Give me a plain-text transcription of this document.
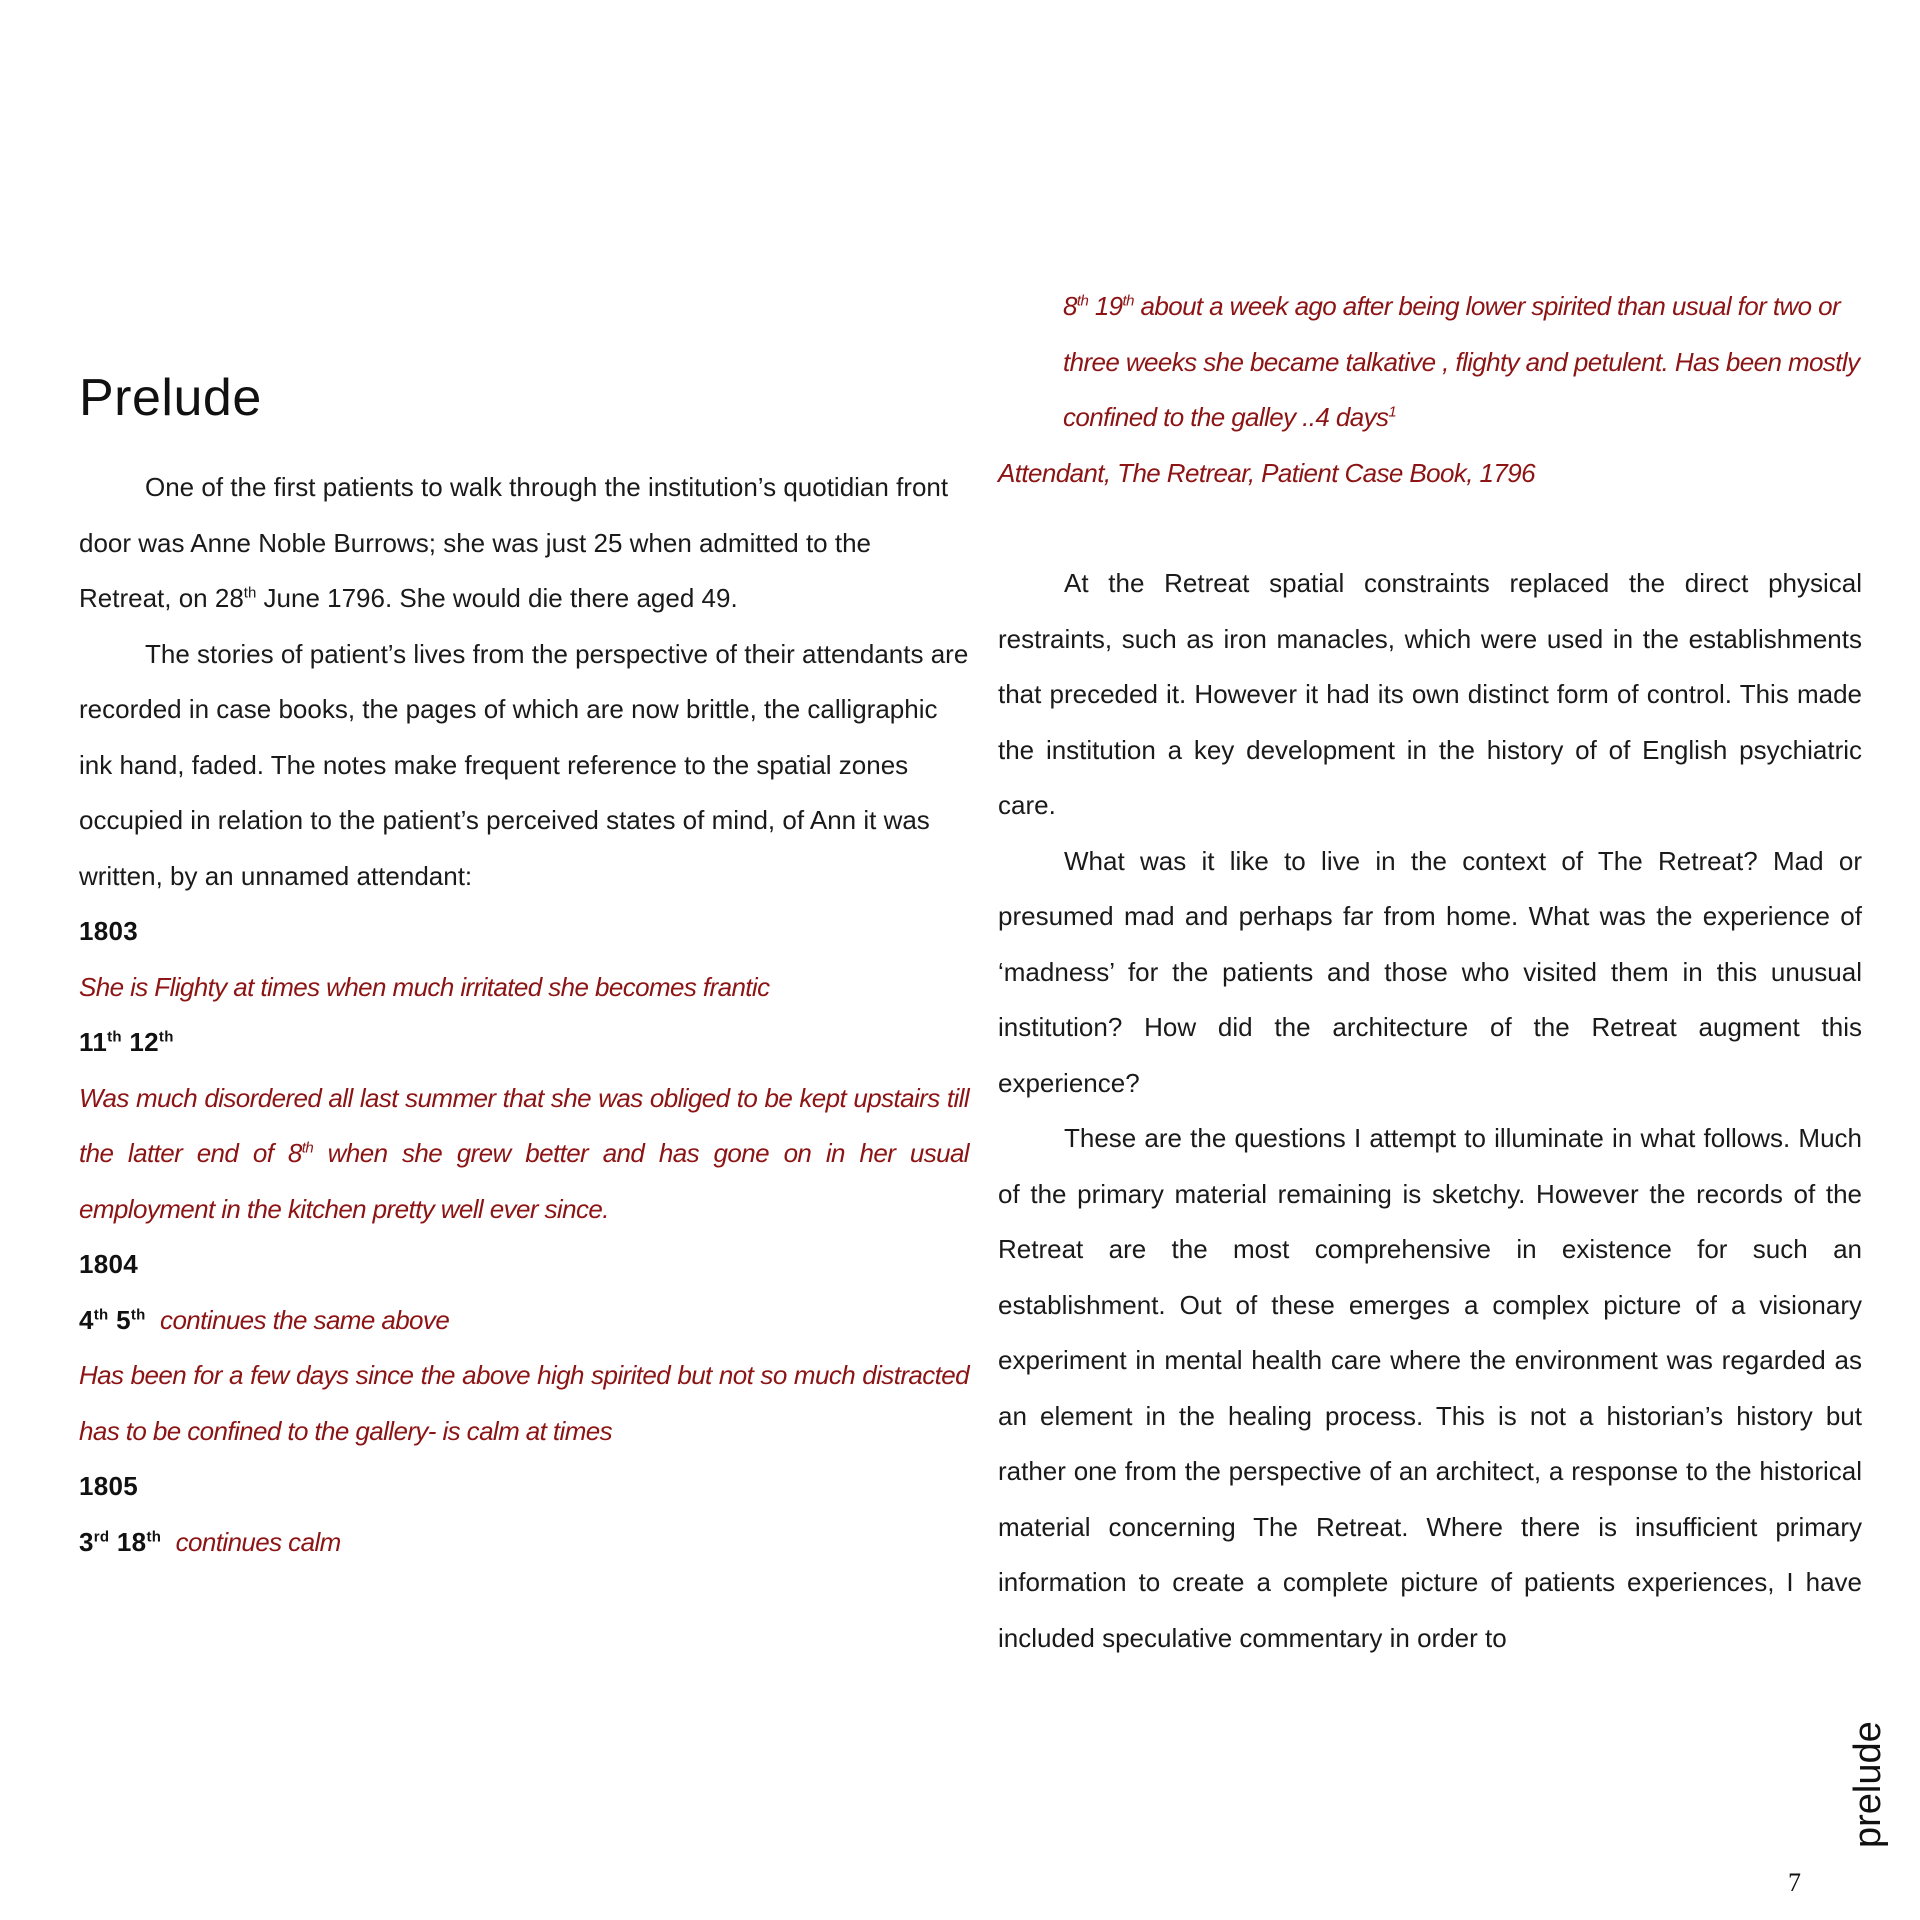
Prelude

One of the first patients to walk through the institution’s quotidian front door was Anne Noble Burrows; she was just 25 when admitted to the Retreat, on 28th June 1796. She would die there aged 49.

The stories of patient’s lives from the perspective of their attendants are recorded in case books, the pages of which are now brittle, the calligraphic ink hand, faded. The notes make frequent reference to the spatial zones occupied in relation to the patient’s perceived states of mind, of Ann it was written, by an unnamed attendant:

1803

She is Flighty at times when much irritated she becomes frantic

11th 12th

Was much disordered all last summer that she was obliged to be kept upstairs till the latter end of 8th when she grew better and has gone on in her usual employment in the kitchen pretty well ever since.

1804

4th 5th continues the same above

Has been for a few days since the above high spirited but not so much distracted has to be confined to the gallery- is calm at times

1805

3rd 18th continues calm

8th 19th about a week ago after being lower spirited than usual for two or three weeks she became talkative , flighty and petulent. Has been mostly confined to the galley ..4 days$^1$

Attendant, The Retrear, Patient Case Book, 1796

At the Retreat spatial constraints replaced the direct physical restraints, such as iron manacles, which were used in the establishments that preceded it. However it had its own distinct form of control. This made the institution a key development in the history of of English psychiatric care.

What was it like to live in the context of The Retreat? Mad or presumed mad and perhaps far from home. What was the experience of ‘madness’ for the patients and those who visited them in this unusual institution? How did the architecture of the Retreat augment this experience?

These are the questions I attempt to illuminate in what follows. Much of the primary material remaining is sketchy. However the records of the Retreat are the most comprehensive in existence for such an establishment. Out of these emerges a complex picture of a visionary experiment in mental health care where the environment was regarded as an element in the healing process. This is not a historian’s history but rather one from the perspective of an architect, a response to the historical material concerning The Retreat. Where there is insufficient primary information to create a complete picture of patients experiences, I have included speculative commentary in order to

prelude
7
